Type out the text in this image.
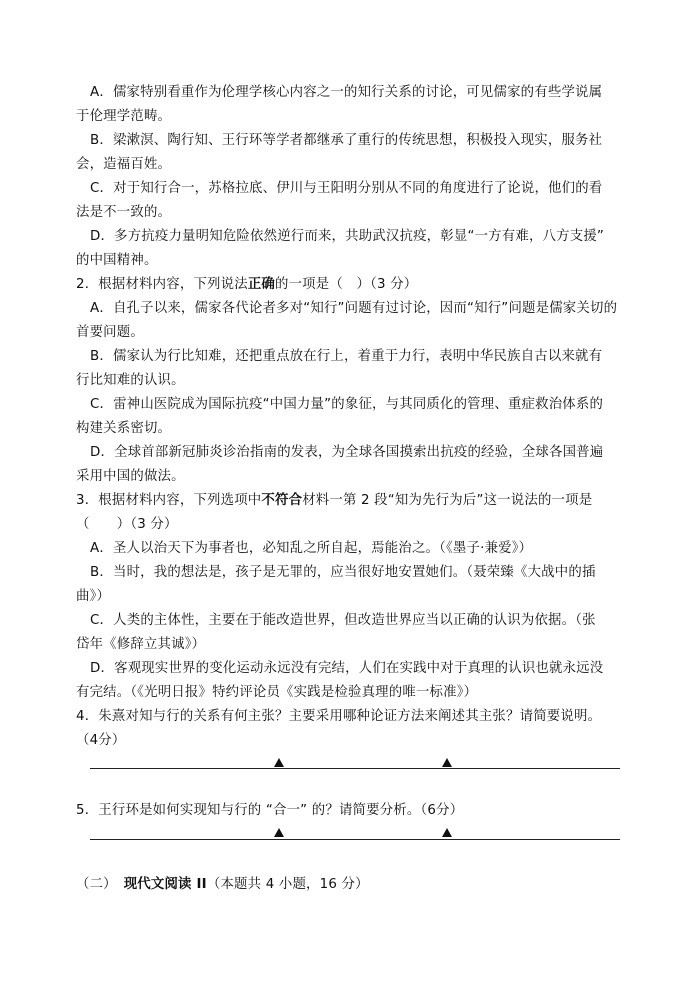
A．儒家特别看重作为伦理学核心内容之一的知行关系的讨论，可见儒家的有些学说属
于伦理学范畴。
B．梁漱溟、陶行知、王行环等学者都继承了重行的传统思想，积极投入现实，服务社
会，造福百姓。
C．对于知行合一，苏格拉底、伊川与王阳明分别从不同的角度进行了论说，他们的看
法是不一致的。
D．多方抗疫力量明知危险依然逆行而来，共助武汉抗疫，彰显“一方有难，八方支援”
的中国精神。
2．根据材料内容，下列说法正确的一项是（　）（3 分）
A．自孔子以来，儒家各代论者多对“知行”问题有过讨论，因而“知行”问题是儒家关切的
首要问题。
B．儒家认为行比知难，还把重点放在行上，着重于力行，表明中华民族自古以来就有
行比知难的认识。
C．雷神山医院成为国际抗疫“中国力量”的象征，与其同质化的管理、重症救治体系的
构建关系密切。
D．全球首部新冠肺炎诊治指南的发表，为全球各国摸索出抗疫的经验，全球各国普遍
采用中国的做法。
3．根据材料内容，下列选项中不符合材料一第 2 段“知为先行为后”这一说法的一项是
（　　）（3 分）
A．圣人以治天下为事者也，必知乱之所自起，焉能治之。（《墨子·兼爱》）
B．当时，我的想法是，孩子是无罪的，应当很好地安置她们。（聂荣臻《大战中的插
曲》）
C．人类的主体性，主要在于能改造世界，但改造世界应当以正确的认识为依据。（张
岱年《修辞立其诚》）
D．客观现实世界的变化运动永远没有完结，人们在实践中对于真理的认识也就永远没
有完结。（《光明日报》特约评论员《实践是检验真理的唯一标准》）
4．朱熹对知与行的关系有何主张？主要采用哪种论证方法来阐述其主张？请简要说明。
（4分）
5．王行环是如何实现知与行的 “合一” 的？请简要分析。（6分）
（二）  现代文阅读 II（本题共 4 小题，16 分）
